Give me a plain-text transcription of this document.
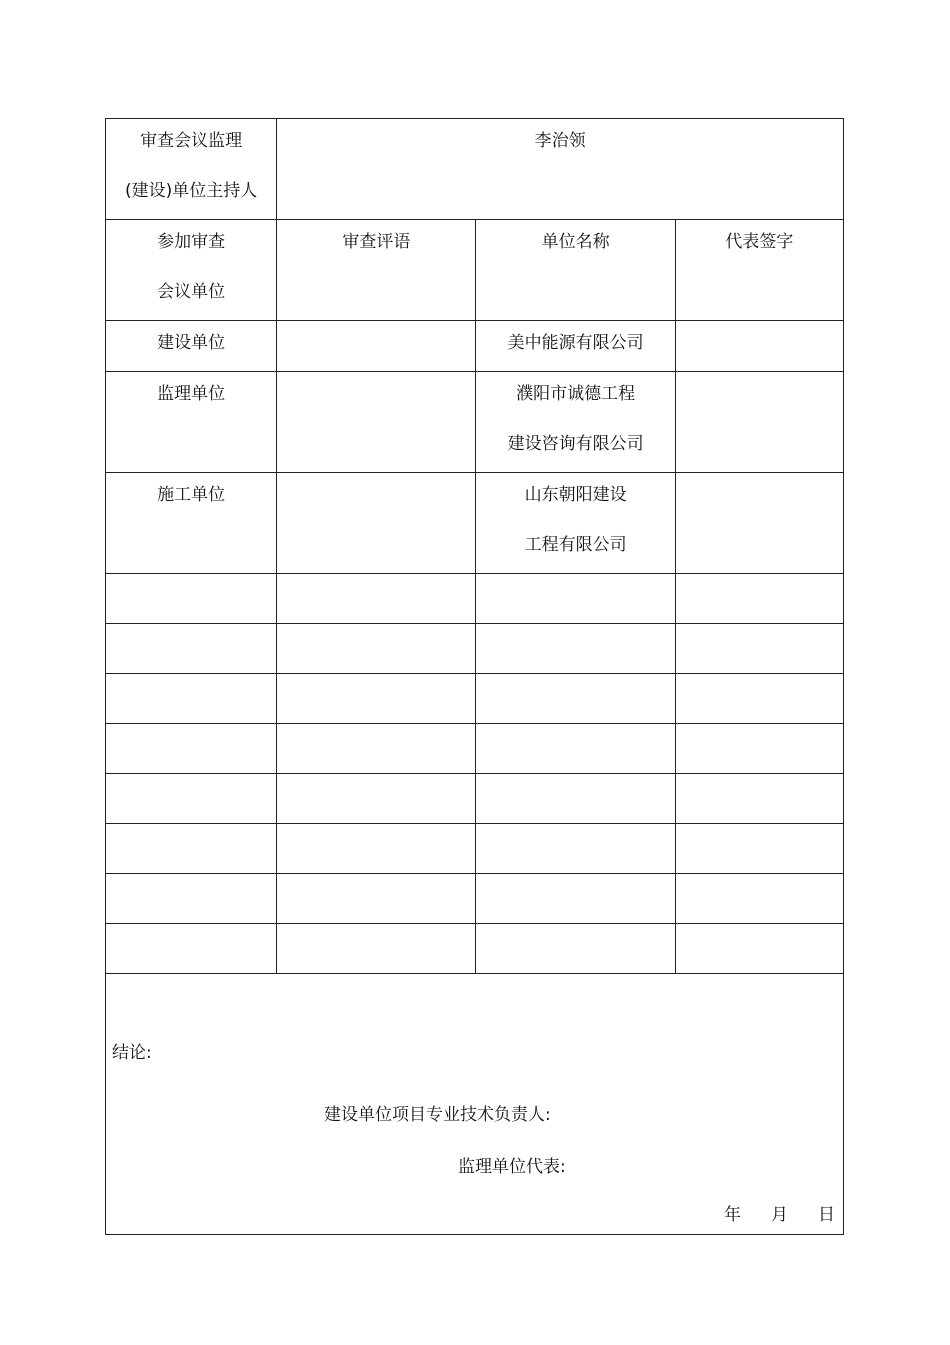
审查会议监理
(建设)单位主持人	李治领		

参加审查
会议单位	审查评语	单位名称	代表签字

建设单位		美中能源有限公司	

监理单位		濮阳市诚德工程
建设咨询有限公司	

施工单位		山东朝阳建设
工程有限公司	

结论:
建设单位项目专业技术负责人:
监理单位代表:
年 月 日			
